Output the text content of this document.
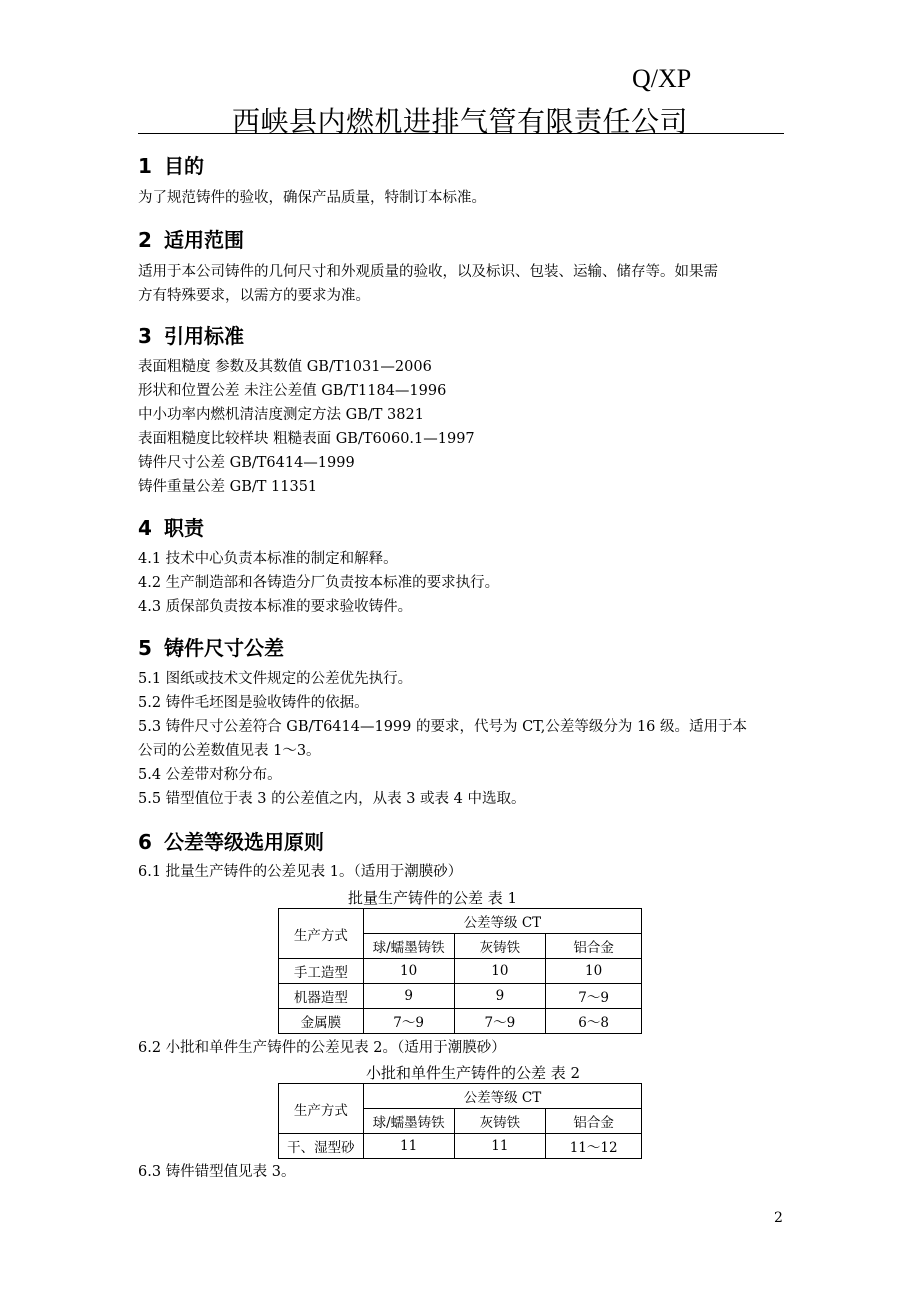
Q/XP
西峡县内燃机进排气管有限责任公司
1 目的

为了规范铸件的验收，确保产品质量，特制订本标准。

2 适用范围

适用于本公司铸件的几何尺寸和外观质量的验收，以及标识、包装、运输、储存等。如果需

方有特殊要求，以需方的要求为准。

3 引用标准

表面粗糙度 参数及其数值 GB/T1031—2006

形状和位置公差 未注公差值 GB/T1184—1996

中小功率内燃机清洁度测定方法 GB/T 3821

表面粗糙度比较样块 粗糙表面 GB/T6060.1—1997

铸件尺寸公差 GB/T6414—1999

铸件重量公差 GB/T 11351

4 职责

4.1 技术中心负责本标准的制定和解释。

4.2 生产制造部和各铸造分厂负责按本标准的要求执行。

4.3 质保部负责按本标准的要求验收铸件。

5 铸件尺寸公差

5.1 图纸或技术文件规定的公差优先执行。

5.2 铸件毛坯图是验收铸件的依据。

5.3 铸件尺寸公差符合 GB/T6414—1999 的要求，代号为 CT,公差等级分为 16 级。适用于本

公司的公差数值见表 1～3。

5.4 公差带对称分布。

5.5 错型值位于表 3 的公差值之内，从表 3 或表 4 中选取。

6 公差等级选用原则

6.1 批量生产铸件的公差见表 1。（适用于潮膜砂）

批量生产铸件的公差 表 1
生产方式	公差等级 CT		
	球/蠕墨铸铁	灰铸铁	铝合金
手工造型	10	10	10
机器造型	9	9	7～9
金属膜	7～9	7～9	6～8

6.2 小批和单件生产铸件的公差见表 2。（适用于潮膜砂）

小批和单件生产铸件的公差 表 2
生产方式	公差等级 CT		
	球/蠕墨铸铁	灰铸铁	铝合金
干、湿型砂	11	11	11～12

6.3 铸件错型值见表 3。

2
